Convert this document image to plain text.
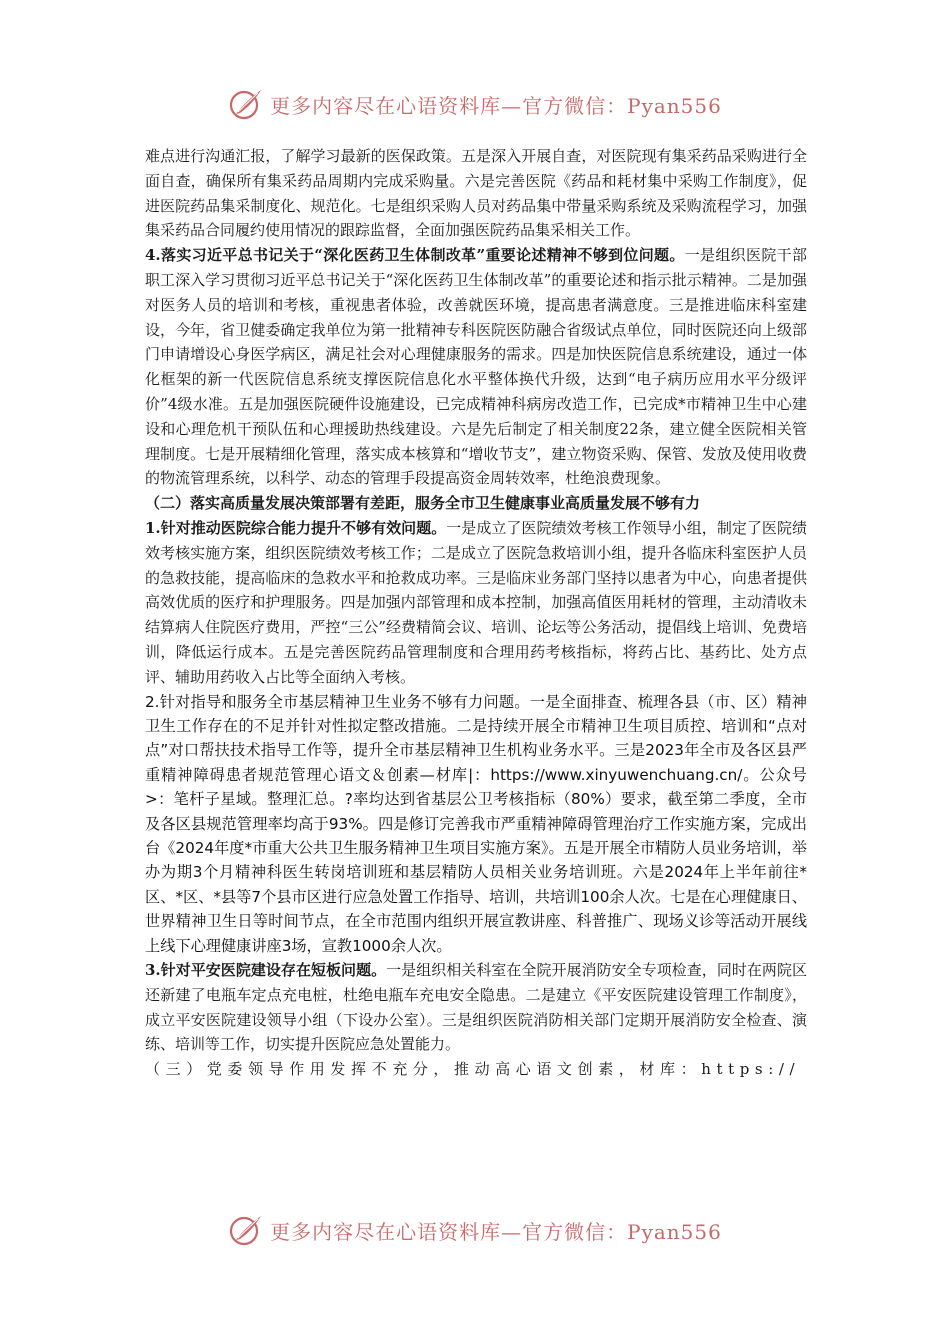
更多内容尽在心语资料库—官方微信：Pyan556

难点进行沟通汇报，了解学习最新的医保政策。五是深入开展自查，对医院现有集采药品采购进行全面自查，确保所有集采药品周期内完成采购量。六是完善医院《药品和耗材集中采购工作制度》，促进医院药品集采制度化、规范化。七是组织采购人员对药品集中带量采购系统及采购流程学习，加强集采药品合同履约使用情况的跟踪监督，全面加强医院药品集采相关工作。

4.落实习近平总书记关于“深化医药卫生体制改革”重要论述精神不够到位问题。一是组织医院干部职工深入学习贯彻习近平总书记关于“深化医药卫生体制改革”的重要论述和指示批示精神。二是加强对医务人员的培训和考核，重视患者体验，改善就医环境，提高患者满意度。三是推进临床科室建设，今年，省卫健委确定我单位为第一批精神专科医院医防融合省级试点单位，同时医院还向上级部门申请增设心身医学病区，满足社会对心理健康服务的需求。四是加快医院信息系统建设，通过一体化框架的新一代医院信息系统支撑医院信息化水平整体换代升级，达到“电子病历应用水平分级评价”4级水准。五是加强医院硬件设施建设，已完成精神科病房改造工作，已完成*市精神卫生中心建设和心理危机干预队伍和心理援助热线建设。六是先后制定了相关制度22条，建立健全医院相关管理制度。七是开展精细化管理，落实成本核算和“增收节支”，建立物资采购、保管、发放及使用收费的物流管理系统，以科学、动态的管理手段提高资金周转效率，杜绝浪费现象。

（二）落实高质量发展决策部署有差距，服务全市卫生健康事业高质量发展不够有力

1.针对推动医院综合能力提升不够有效问题。一是成立了医院绩效考核工作领导小组，制定了医院绩效考核实施方案，组织医院绩效考核工作；二是成立了医院急救培训小组，提升各临床科室医护人员的急救技能，提高临床的急救水平和抢救成功率。三是临床业务部门坚持以患者为中心，向患者提供高效优质的医疗和护理服务。四是加强内部管理和成本控制，加强高值医用耗材的管理，主动清收未结算病人住院医疗费用，严控“三公”经费精简会议、培训、论坛等公务活动，提倡线上培训、免费培训，降低运行成本。五是完善医院药品管理制度和合理用药考核指标，将药占比、基药比、处方点评、辅助用药收入占比等全面纳入考核。

2.针对指导和服务全市基层精神卫生业务不够有力问题。一是全面排查、梳理各县（市、区）精神卫生工作存在的不足并针对性拟定整改措施。二是持续开展全市精神卫生项目质控、培训和“点对点”对口帮扶技术指导工作等，提升全市基层精神卫生机构业务水平。三是2023年全市及各区县严重精神障碍患者规范管理心语文＆创素—材库|：https://www.xinyuwenchuang.cn/。公众号>：笔杆子星域。整理汇总。?率均达到省基层公卫考核指标（80%）要求，截至第二季度，全市及各区县规范管理率均高于93%。四是修订完善我市严重精神障碍管理治疗工作实施方案，完成出台《2024年度*市重大公共卫生服务精神卫生项目实施方案》。五是开展全市精防人员业务培训，举办为期3个月精神科医生转岗培训班和基层精防人员相关业务培训班。六是2024年上半年前往*区、*区、*县等7个县市区进行应急处置工作指导、培训，共培训100余人次。七是在心理健康日、世界精神卫生日等时间节点，在全市范围内组织开展宣教讲座、科普推广、现场义诊等活动开展线上线下心理健康讲座3场，宣教1000余人次。

3.针对平安医院建设存在短板问题。一是组织相关科室在全院开展消防安全专项检查，同时在两院区还新建了电瓶车定点充电桩，杜绝电瓶车充电安全隐患。二是建立《平安医院建设管理工作制度》，成立平安医院建设领导小组（下设办公室）。三是组织医院消防相关部门定期开展消防安全检查、演练、培训等工作，切实提升医院应急处置能力。

（三）党委领导作用发挥不充分，推动高心语文创素，材库：https://

更多内容尽在心语资料库—官方微信：Pyan556
